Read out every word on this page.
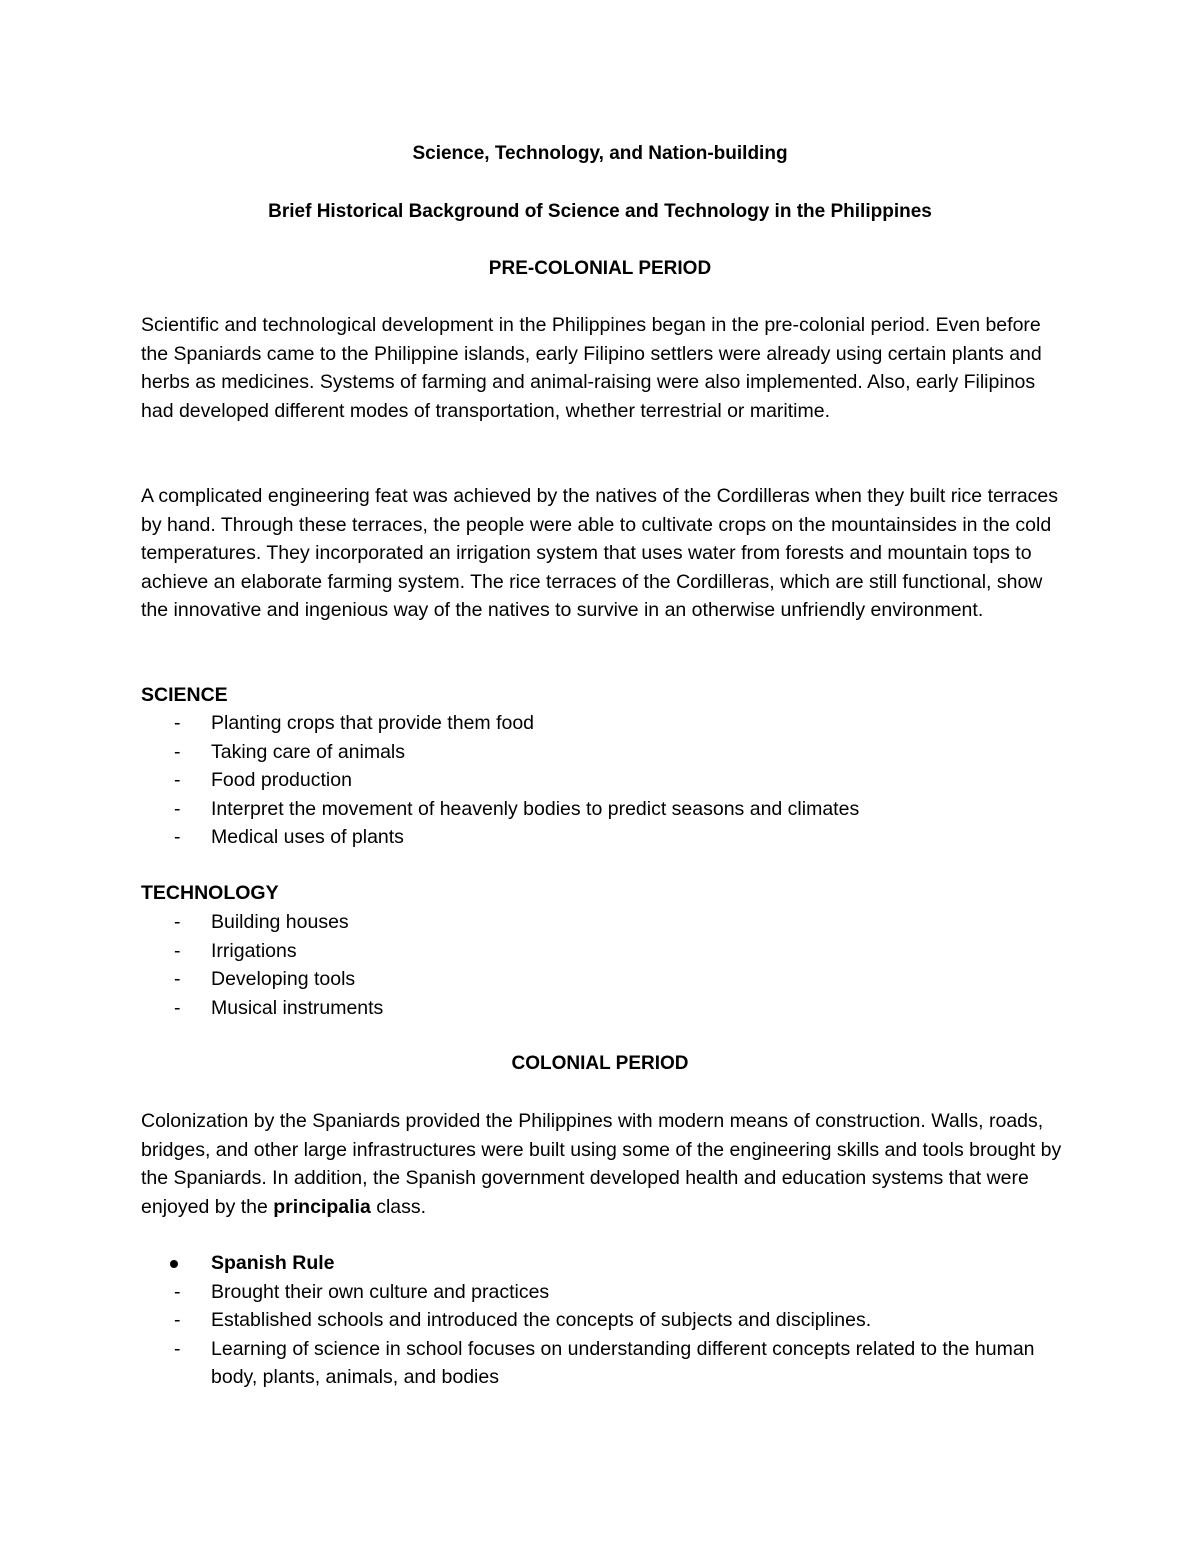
Science, Technology, and Nation-building
Brief Historical Background of Science and Technology in the Philippines
PRE-COLONIAL PERIOD
Scientific and technological development in the Philippines began in the pre-colonial period. Even before the Spaniards came to the Philippine islands, early Filipino settlers were already using certain plants and herbs as medicines. Systems of farming and animal-raising were also implemented. Also, early Filipinos had developed different modes of transportation, whether terrestrial or maritime.
A complicated engineering feat was achieved by the natives of the Cordilleras when they built rice terraces by hand. Through these terraces, the people were able to cultivate crops on the mountainsides in the cold temperatures. They incorporated an irrigation system that uses water from forests and mountain tops to achieve an elaborate farming system. The rice terraces of the Cordilleras, which are still functional, show the innovative and ingenious way of the natives to survive in an otherwise unfriendly environment.
SCIENCE
- Planting crops that provide them food
- Taking care of animals
- Food production
- Interpret the movement of heavenly bodies to predict seasons and climates
- Medical uses of plants
TECHNOLOGY
- Building houses
- Irrigations
- Developing tools
- Musical instruments
COLONIAL PERIOD
Colonization by the Spaniards provided the Philippines with modern means of construction. Walls, roads, bridges, and other large infrastructures were built using some of the engineering skills and tools brought by the Spaniards. In addition, the Spanish government developed health and education systems that were enjoyed by the principalia class.
Spanish Rule
- Brought their own culture and practices
- Established schools and introduced the concepts of subjects and disciplines.
- Learning of science in school focuses on understanding different concepts related to the human body, plants, animals, and bodies
